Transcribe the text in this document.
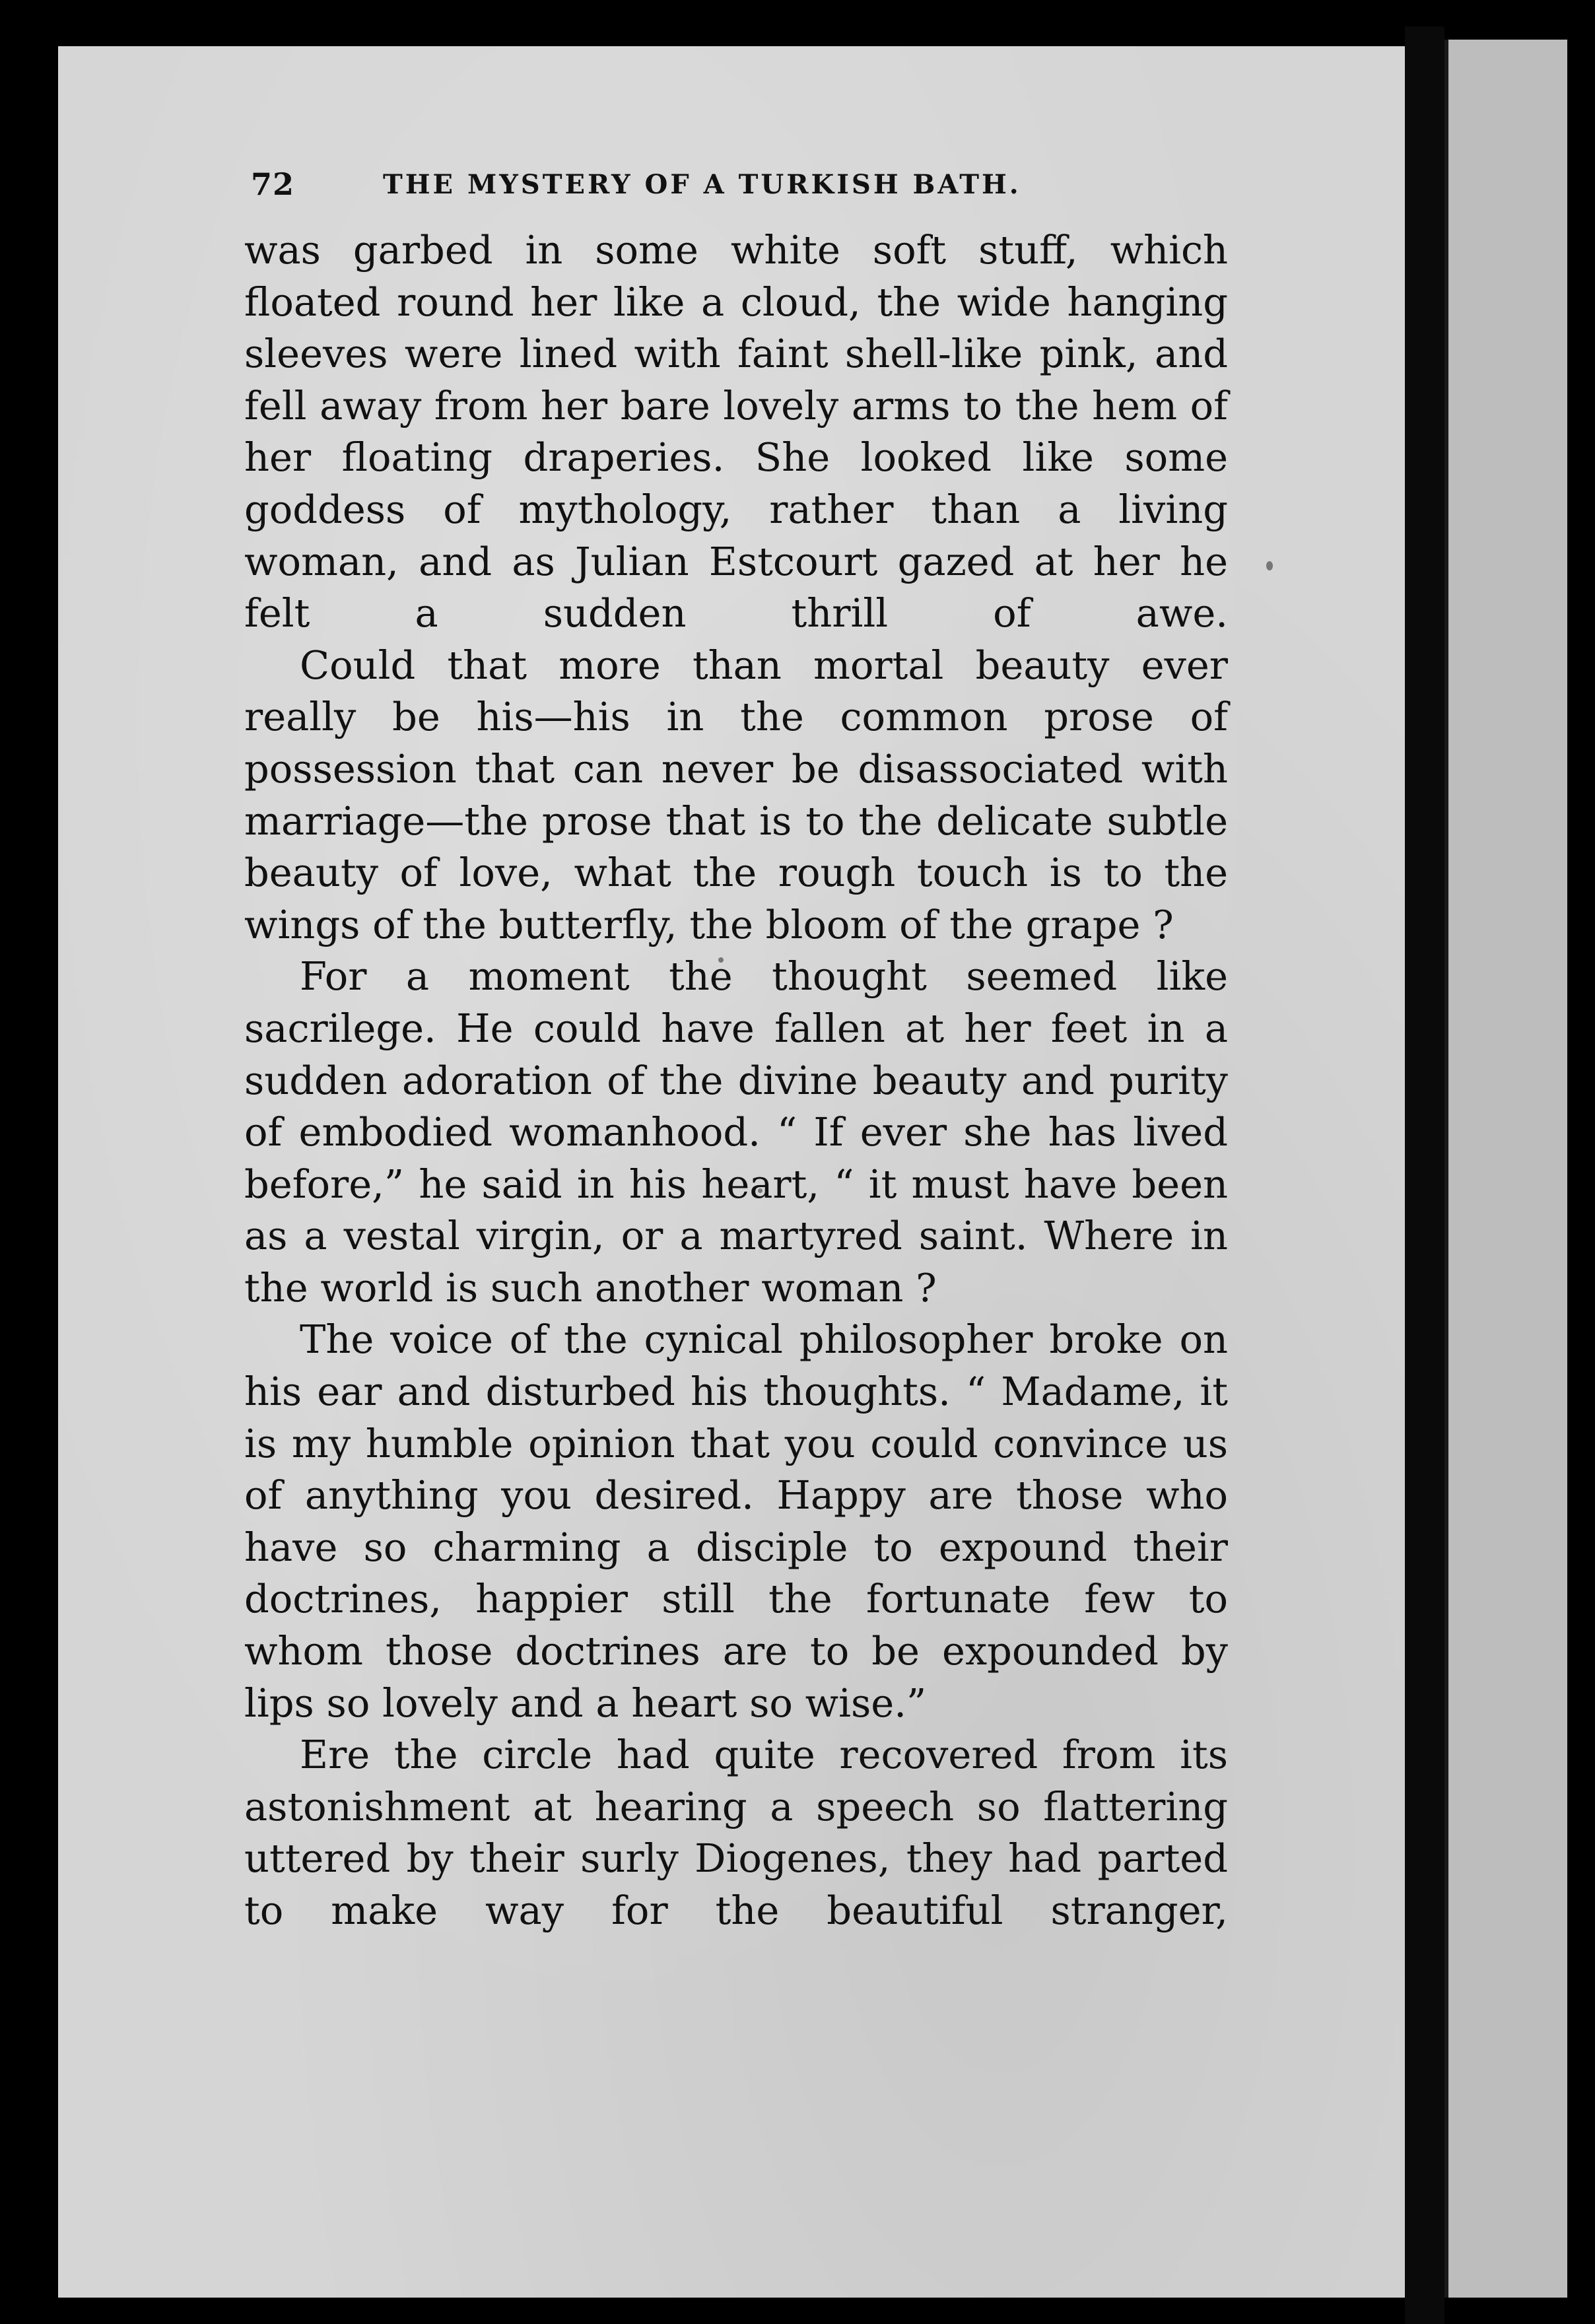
72	THE MYSTERY OF A TURKISH BATH.

was garbed in some white soft stuff, which floated round her like a cloud, the wide hanging sleeves were lined with faint shell-like pink, and fell away from her bare lovely arms to the hem of her floating draperies. She looked like some goddess of mythology, rather than a living woman, and as Julian Estcourt gazed at her he felt a sudden thrill of awe.

Could that more than mortal beauty ever really be his—his in the common prose of possession that can never be disassociated with marriage—the prose that is to the delicate subtle beauty of love, what the rough touch is to the wings of the butterfly, the bloom of the grape ?

For a moment the thought seemed like sacrilege. He could have fallen at her feet in a sudden adoration of the divine beauty and purity of embodied womanhood. “ If ever she has lived before,” he said in his heart, “ it must have been as a vestal virgin, or a martyred saint. Where in the world is such another woman ?

The voice of the cynical philosopher broke on his ear and disturbed his thoughts. “ Madame, it is my humble opinion that you could convince us of anything you desired. Happy are those who have so charming a disciple to expound their doctrines, happier still the fortunate few to whom those doctrines are to be expounded by lips so lovely and a heart so wise.”

Ere the circle had quite recovered from its astonishment at hearing a speech so flattering uttered by their surly Diogenes, they had parted to make way for the beautiful stranger,
